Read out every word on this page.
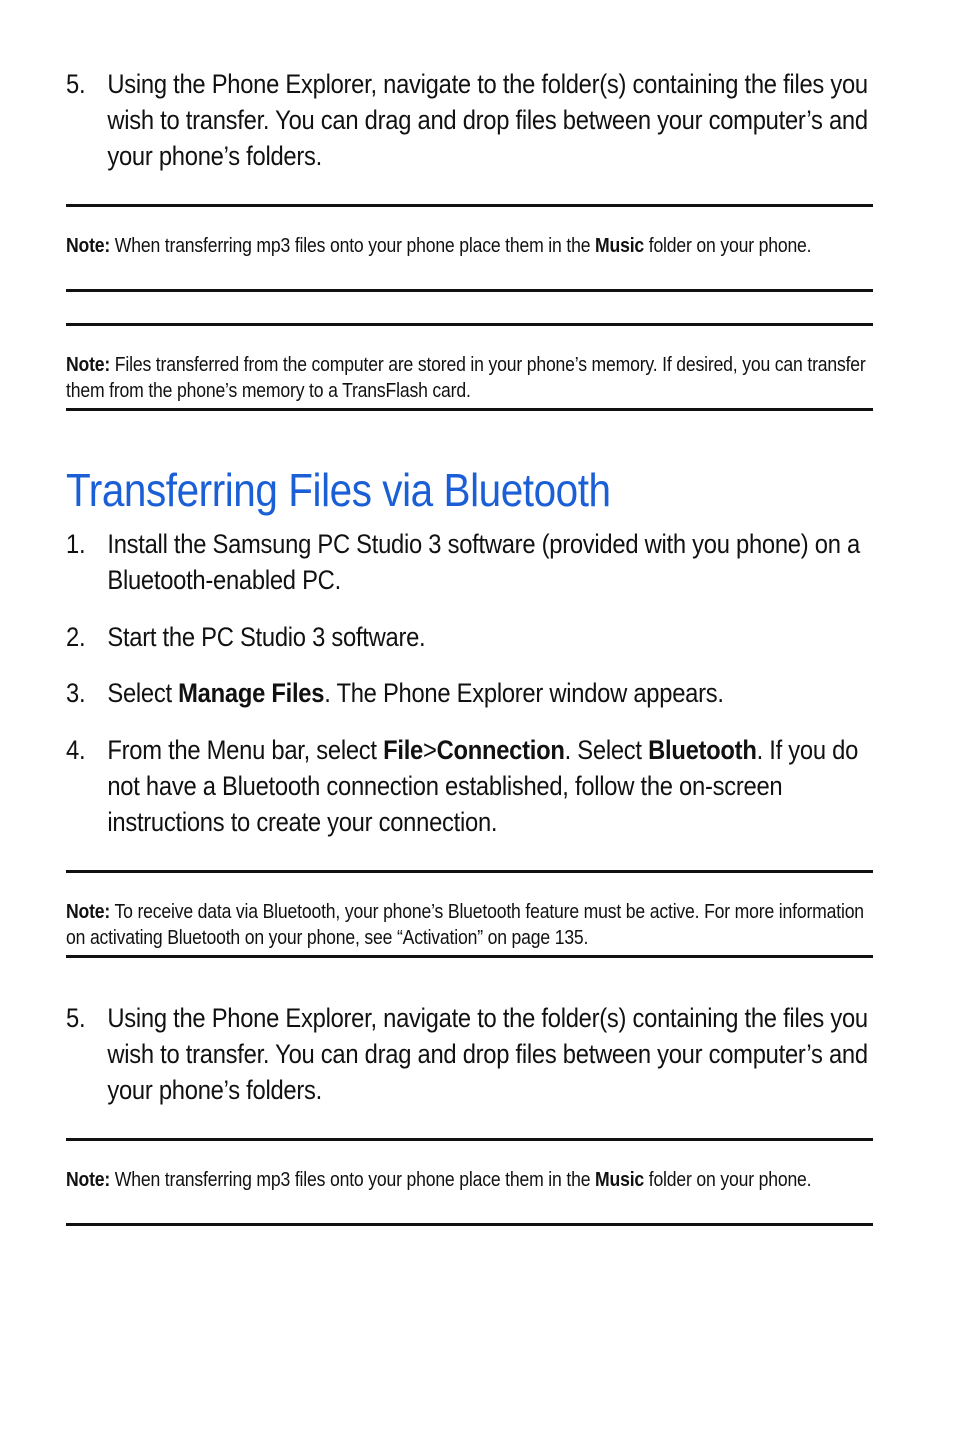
5. Using the Phone Explorer, navigate to the folder(s) containing the files you wish to transfer. You can drag and drop files between your computer’s and your phone’s folders.
Note: When transferring mp3 files onto your phone place them in the Music folder on your phone.
Note: Files transferred from the computer are stored in your phone’s memory. If desired, you can transfer them from the phone’s memory to a TransFlash card.
Transferring Files via Bluetooth
1. Install the Samsung PC Studio 3 software (provided with you phone) on a Bluetooth-enabled PC.
2. Start the PC Studio 3 software.
3. Select Manage Files. The Phone Explorer window appears.
4. From the Menu bar, select File>Connection. Select Bluetooth. If you do not have a Bluetooth connection established, follow the on-screen instructions to create your connection.
Note: To receive data via Bluetooth, your phone’s Bluetooth feature must be active. For more information on activating Bluetooth on your phone, see “Activation” on page 135.
5. Using the Phone Explorer, navigate to the folder(s) containing the files you wish to transfer. You can drag and drop files between your computer’s and your phone’s folders.
Note: When transferring mp3 files onto your phone place them in the Music folder on your phone.
